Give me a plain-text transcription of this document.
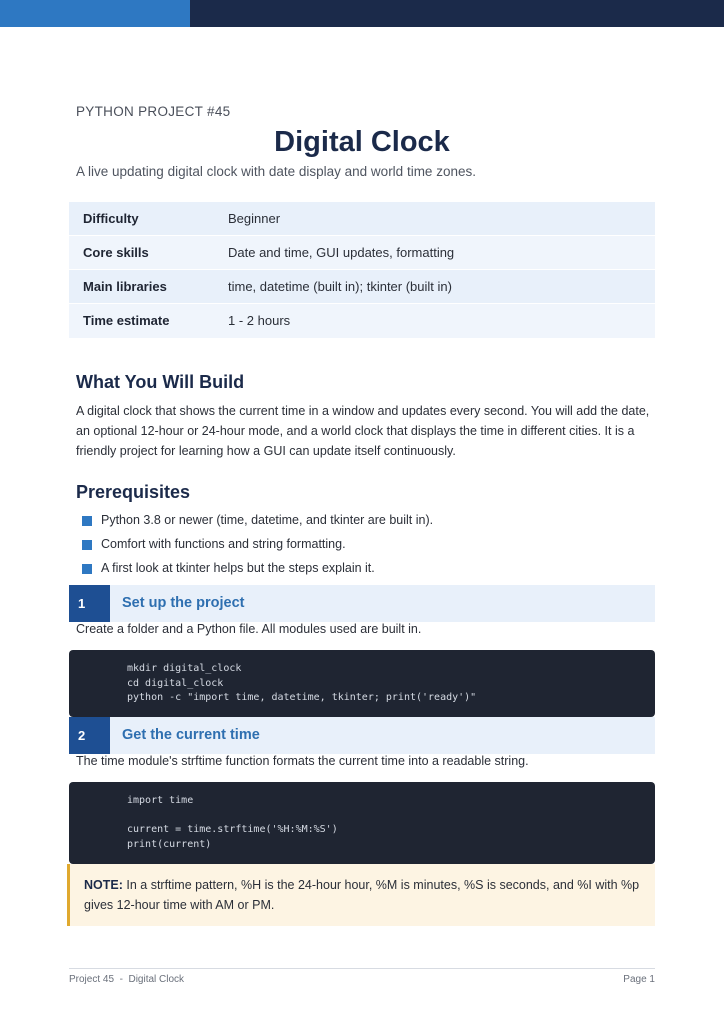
PYTHON PROJECT #45
Digital Clock
A live updating digital clock with date display and world time zones.
Difficulty	Beginner
Core skills	Date and time, GUI updates, formatting
Main libraries	time, datetime (built in); tkinter (built in)
Time estimate	1 - 2 hours
What You Will Build

A digital clock that shows the current time in a window and updates every second. You will add the date, an optional 12-hour or 24-hour mode, and a world clock that displays the time in different cities. It is a friendly project for learning how a GUI can update itself continuously.

Prerequisites
Python 3.8 or newer (time, datetime, and tkinter are built in).
Comfort with functions and string formatting.
A first look at tkinter helps but the steps explain it.
1	Set up the project
Create a folder and a Python file. All modules used are built in.
mkdir digital_clock
cd digital_clock
python -c "import time, datetime, tkinter; print('ready')"
2	Get the current time
The time module's strftime function formats the current time into a readable string.
import time

current = time.strftime('%H:%M:%S')
print(current)

NOTE: In a strftime pattern, %H is the 24-hour hour, %M is minutes, %S is seconds, and %I with %p gives 12-hour time with AM or PM.

Project 45  -  Digital Clock	Page 1
